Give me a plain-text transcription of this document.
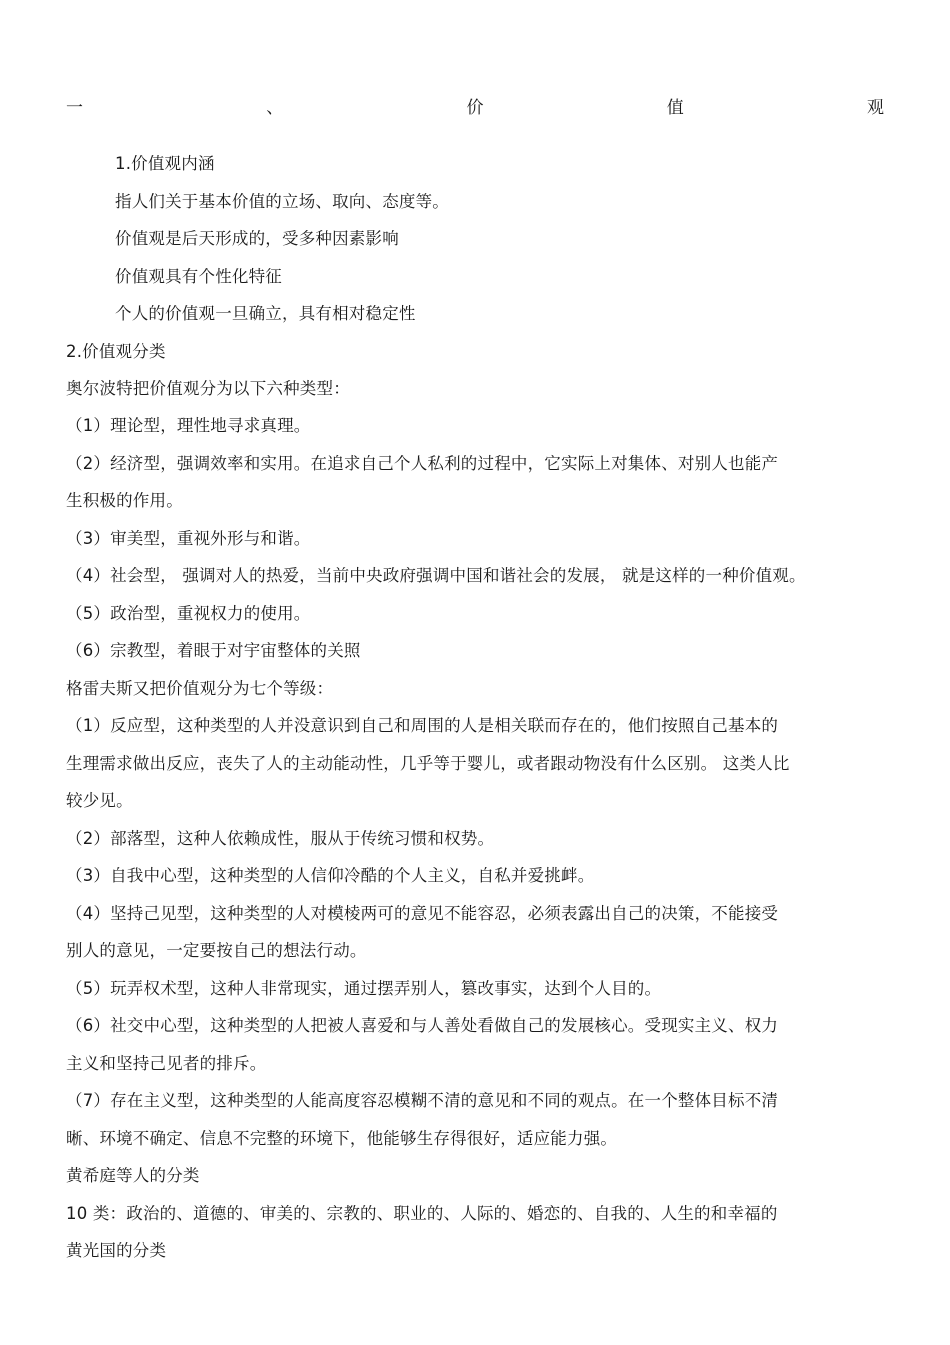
一	、	价	值	观
1.价值观内涵
指人们关于基本价值的立场、取向、态度等。
价值观是后天形成的，受多种因素影响
价值观具有个性化特征
个人的价值观一旦确立，具有相对稳定性
2.价值观分类
奥尔波特把价值观分为以下六种类型：
（1）理论型，理性地寻求真理。
（2）经济型，强调效率和实用。在追求自己个人私利的过程中，它实际上对集体、对别人也能产
生积极的作用。
（3）审美型，重视外形与和谐。
（4）社会型， 强调对人的热爱，当前中央政府强调中国和谐社会的发展， 就是这样的一种价值观。
（5）政治型，重视权力的使用。
（6）宗教型，着眼于对宇宙整体的关照
格雷夫斯又把价值观分为七个等级：
（1）反应型，这种类型的人并没意识到自己和周围的人是相关联而存在的，他们按照自己基本的
生理需求做出反应，丧失了人的主动能动性，几乎等于婴儿，或者跟动物没有什么区别。 这类人比
较少见。
（2）部落型，这种人依赖成性，服从于传统习惯和权势。
（3）自我中心型，这种类型的人信仰冷酷的个人主义，自私并爱挑衅。
（4）坚持己见型，这种类型的人对模棱两可的意见不能容忍，必须表露出自己的决策，不能接受
别人的意见，一定要按自己的想法行动。
（5）玩弄权术型，这种人非常现实，通过摆弄别人，篡改事实，达到个人目的。
（6）社交中心型，这种类型的人把被人喜爱和与人善处看做自己的发展核心。受现实主义、权力
主义和坚持己见者的排斥。
（7）存在主义型，这种类型的人能高度容忍模糊不清的意见和不同的观点。在一个整体目标不清
晰、环境不确定、信息不完整的环境下，他能够生存得很好，适应能力强。
黄希庭等人的分类
10 类：政治的、道德的、审美的、宗教的、职业的、人际的、婚恋的、自我的、人生的和幸福的
黄光国的分类
